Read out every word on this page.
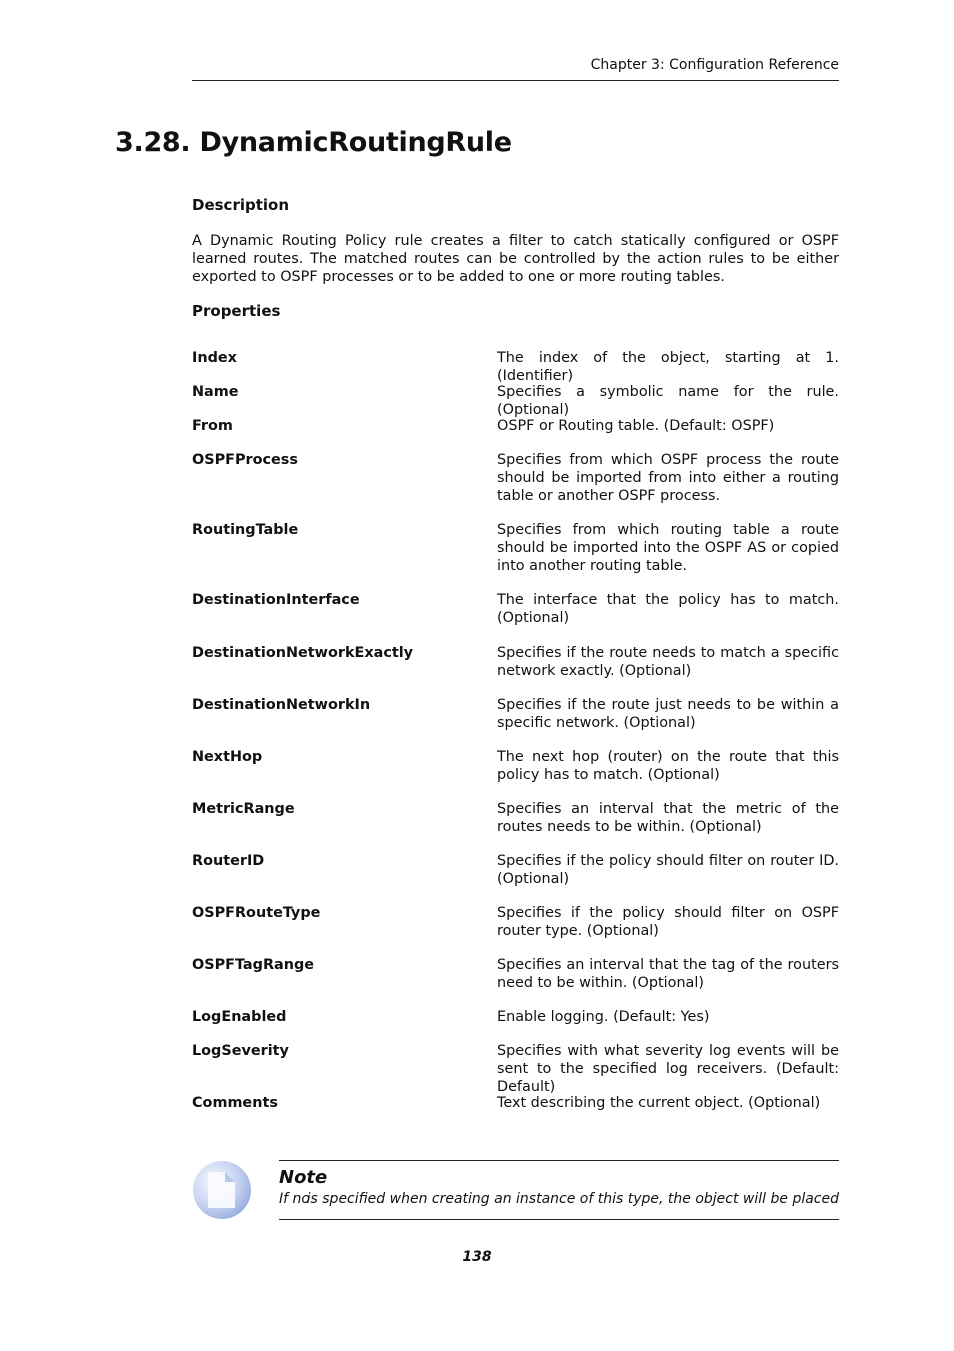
Chapter 3: Configuration Reference
3.28. DynamicRoutingRule
Description

A Dynamic Routing Policy rule creates a filter to catch statically configured or OSPF learned routes. The matched routes can be controlled by the action rules to be either exported to OSPF processes or to be added to one or more routing tables.

Properties
Index	The index of the object, starting at 1. (Identifier)
Name	Specifies a symbolic name for the rule. (Optional)
From	OSPF or Routing table. (Default: OSPF)
OSPFProcess	Specifies from which OSPF process the route should be imported from into either a routing table or another OSPF process.
RoutingTable	Specifies from which routing table a route should be imported into the OSPF AS or copied into another routing table.
DestinationInterface	The interface that the policy has to match. (Optional)
DestinationNetworkExactly	Specifies if the route needs to match a specific network exactly. (Optional)
DestinationNetworkIn	Specifies if the route just needs to be within a specific network. (Optional)
NextHop	The next hop (router) on the route that this policy has to match. (Optional)
MetricRange	Specifies an interval that the metric of the routes needs to be within. (Optional)
RouterID	Specifies if the policy should filter on router ID. (Optional)
OSPFRouteType	Specifies if the policy should filter on OSPF router type. (Optional)
OSPFTagRange	Specifies an interval that the tag of the routers need to be within. (Optional)
LogEnabled	Enable logging. (Default: Yes)
LogSeverity	Specifies with what severity log events will be sent to the specified log receivers. (Default: Default)
Comments	Text describing the current object. (Optional)
Note
If no
is specified when creating an instance of this type, the object will be placed
138
